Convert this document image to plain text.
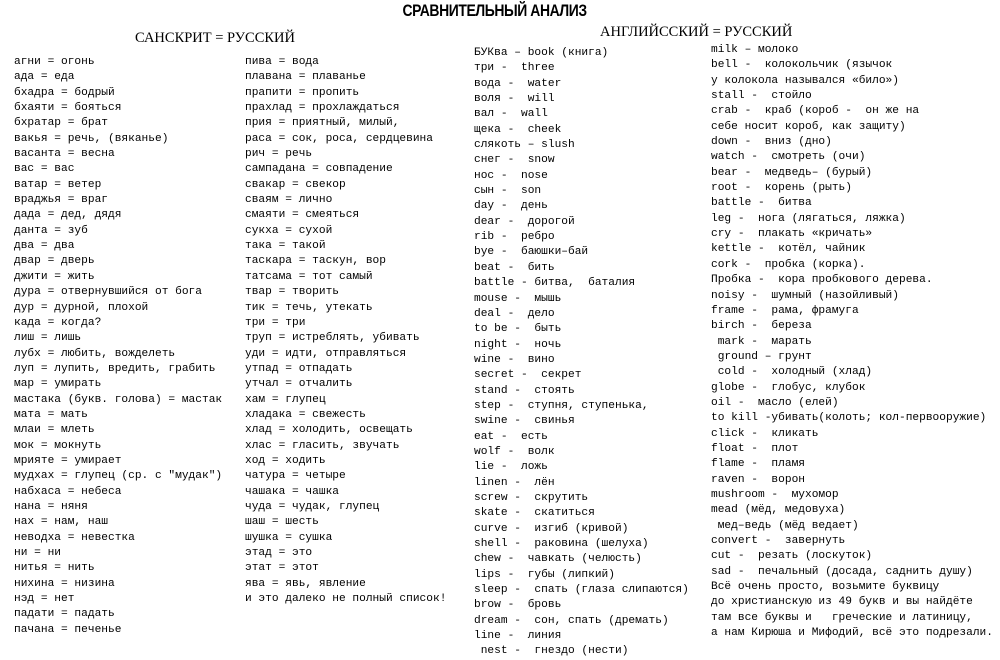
СРАВНИТЕЛЬНЫЙ АНАЛИЗ
САНСКРИТ = РУССКИЙ	АНГЛИЙССКИЙ = РУССКИЙ
агни = огонь
ада = еда
бхадра = бодрый
бхаяти = бояться
бхратар = брат
вакья = речь, (вяканье)
васанта = весна
вас = вас
ватар = ветер
враджья = враг
дада = дед, дядя
данта = зуб
два = два
двар = дверь
джити = жить
дура = отвернувшийся от бога
дур = дурной, плохой
када = когда?
лиш = лишь
лубх = любить, вожделеть
луп = лупить, вредить, грабить
мар = умирать
мастака (букв. голова) = мастак
мата = мать
млаи = млеть
мок = мокнуть
мрияте = умирает
мудхах = глупец (ср. с "мудак")
набхаса = небеса
нана = няня
нах = нам, наш
неводха = невестка
ни = ни
нитья = нить
нихина = низина
нэд = нет
падати = падать
пачана = печенье
пива = вода
плавана = плаванье
прапити = пропить
прахлад = прохлаждаться
прия = приятный, милый,
раса = сок, роса, сердцевина
рич = речь
сампадана = совпадение
свакар = свекор
сваям = лично
смаяти = смеяться
сукха = сухой
така = такой
таскара = таскун, вор
татсама = тот самый
твар = творить
тик = течь, утекать
три = три
труп = истреблять, убивать
уди = идти, отправляться
утпад = отпадать
утчал = отчалить
хам = глупец
хладака = свежесть
хлад = холодить, освещать
хлас = гласить, звучать
ход = ходить
чатура = четыре
чашака = чашка
чуда = чудак, глупец
шаш = шесть
шушка = сушка
этад = это
этат = этот
ява = явь, явление
и это далеко не полный список!
БУКва – book (книга)
три -  three
вода -  water
воля -  will
вал -  wall
щека -  cheek
слякоть – slush
снег -  snow
нос -  nose
сын -  son
day -  день
dear -  дорогой
rib -  ребро
bye -  баюшки–бай
beat -  бить
battle - битва,  баталия
mouse -  мышь
deal -  дело
to be -  быть
night -  ночь
wine -  вино
secret -  секрет
stand -  стоять
step -  ступня, ступенька,
swine -  свинья
eat -  есть
wolf -  волк
lie -  ложь
linen -  лён
screw -  скрутить
skate -  скатиться
curve -  изгиб (кривой)
shell -  раковина (шелуха)
chew -  чавкать (челюсть)
lips -  губы (липкий)
sleep -  спать (глаза слипаются)
brow -  бровь
dream -  сон, спать (дремать)
line -  линия
nest -  гнездо (нести)
milk – молоко
bell -  колокольчик (язычок
у колокола назывался «било»)
stall -  стойло
crab -  краб (короб -  он же на
себе носит короб, как защиту)
down -  вниз (дно)
watch -  смотреть (очи)
bear -  медведь– (бурый)
root -  корень (рыть)
battle -  битва
leg -  нога (лягаться, ляжка)
cry -  плакать «кричать»
kettle -  котёл, чайник
cork -  пробка (корка).
Пробка -  кора пробкового дерева.
noisy -  шумный (назойливый)
frame -  рама, фрамуга
birch -  береза
mark -  марать
ground – грунт
cold -  холодный (хлад)
globe -  глобус, клубок
oil -  масло (елей)
to kill -убивать(колоть; кол-первооружие)
click -  кликать
float -  плот
flame -  пламя
raven -  ворон
mushroom -  мухомор
mead (мёд, медовуха)
мед–ведь (мёд ведает)
convert -  завернуть
cut -  резать (лоскуток)
sad -  печальный (досада, саднить душу)
Всё очень просто, возьмите буквицу
до христианскую из 49 букв и вы найдёте
там все буквы и   греческие и латиницу,
а нам Кирюша и Мифодий, всё это подрезали.
